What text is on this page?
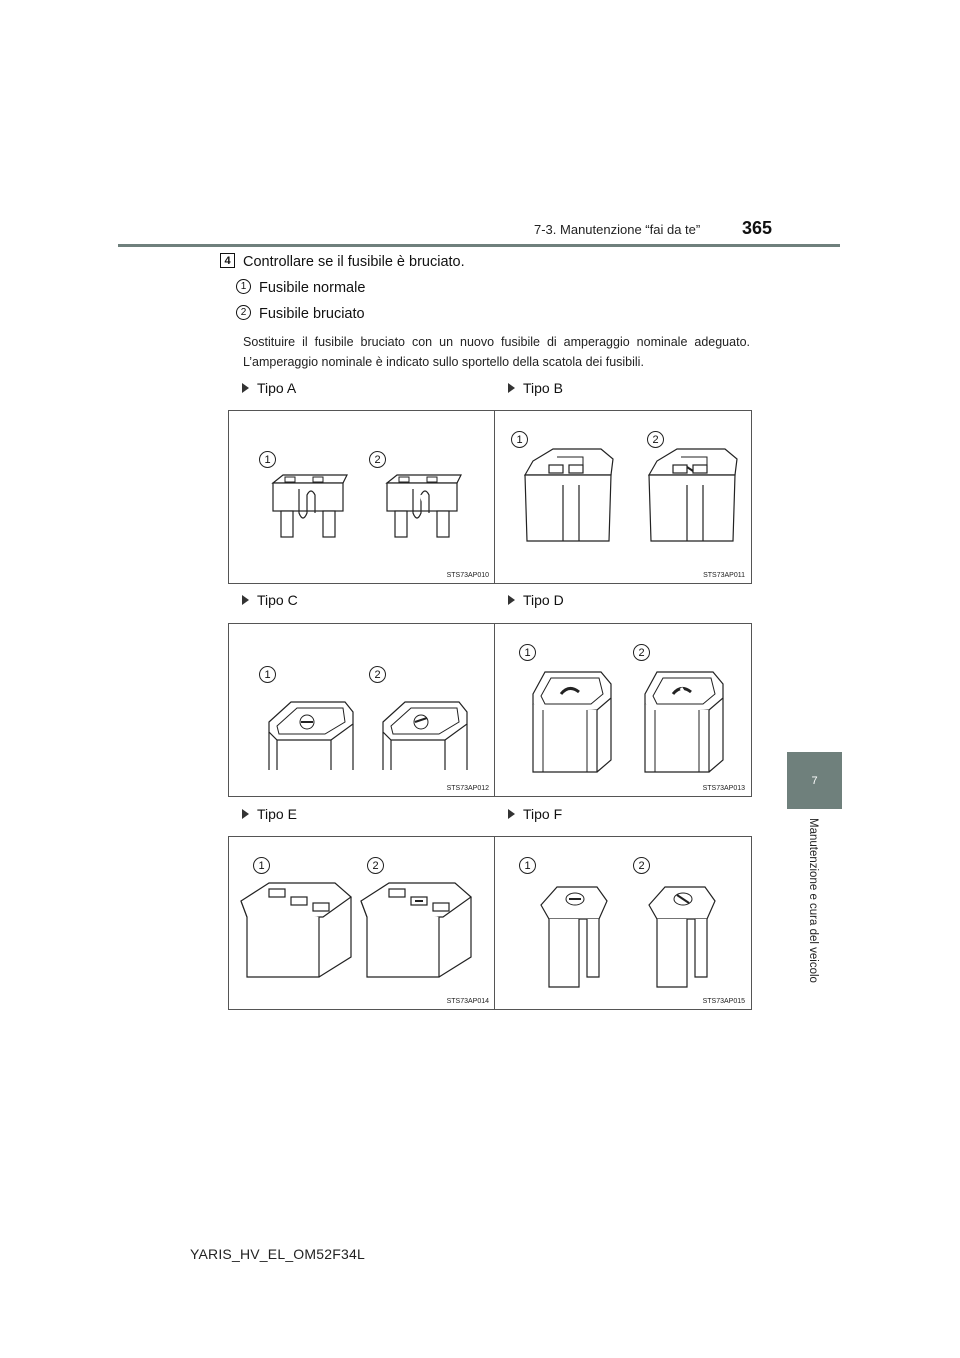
7-3. Manutenzione “fai da te” 365
7
Manutenzione e cura del veicolo
4 Controllare se il fusibile è bruciato.
1 Fusibile normale
2 Fusibile bruciato
Sostituire il fusibile bruciato con un nuovo fusibile di amperaggio nominale adeguato. L’amperaggio nominale è indicato sullo sportello della scatola dei fusibili.
Tipo A
1	2
STS73AP010
Tipo B
1	2
STS73AP011
Tipo C
1	2
STS73AP012
Tipo D
1	2
STS73AP013
Tipo E
1	2
STS73AP014
Tipo F
1	2
STS73AP015
YARIS_HV_EL_OM52F34L
